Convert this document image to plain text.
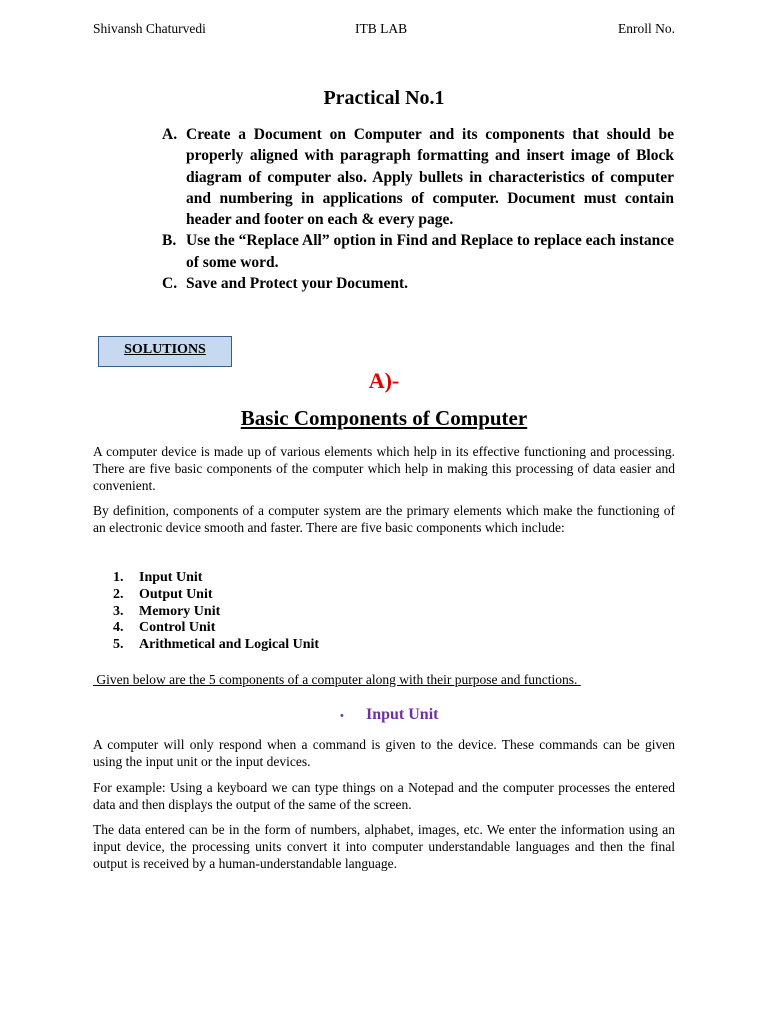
Shivansh Chaturvedi	ITB LAB	Enroll No.
Practical No.1
A. Create a Document on Computer and its components that should be properly aligned with paragraph formatting and insert image of Block diagram of computer also. Apply bullets in characteristics of computer and numbering in applications of computer. Document must contain header and footer on each & every page.
B. Use the “Replace All” option in Find and Replace to replace each instance of some word.
C. Save and Protect your Document.
SOLUTIONS
A)-
Basic Components of Computer

A computer device is made up of various elements which help in its effective functioning and processing. There are five basic components of the computer which help in making this processing of data easier and convenient.

By definition, components of a computer system are the primary elements which make the functioning of an electronic device smooth and faster. There are five basic components which include:

1. Input Unit
2. Output Unit
3. Memory Unit
4. Control Unit
5. Arithmetical and Logical Unit
Given below are the 5 components of a computer along with their purpose and functions.
• Input Unit

A computer will only respond when a command is given to the device. These commands can be given using the input unit or the input devices.

For example: Using a keyboard we can type things on a Notepad and the computer processes the entered data and then displays the output of the same of the screen.

The data entered can be in the form of numbers, alphabet, images, etc. We enter the information using an input device, the processing units convert it into computer understandable languages and then the final output is received by a human-understandable language.
